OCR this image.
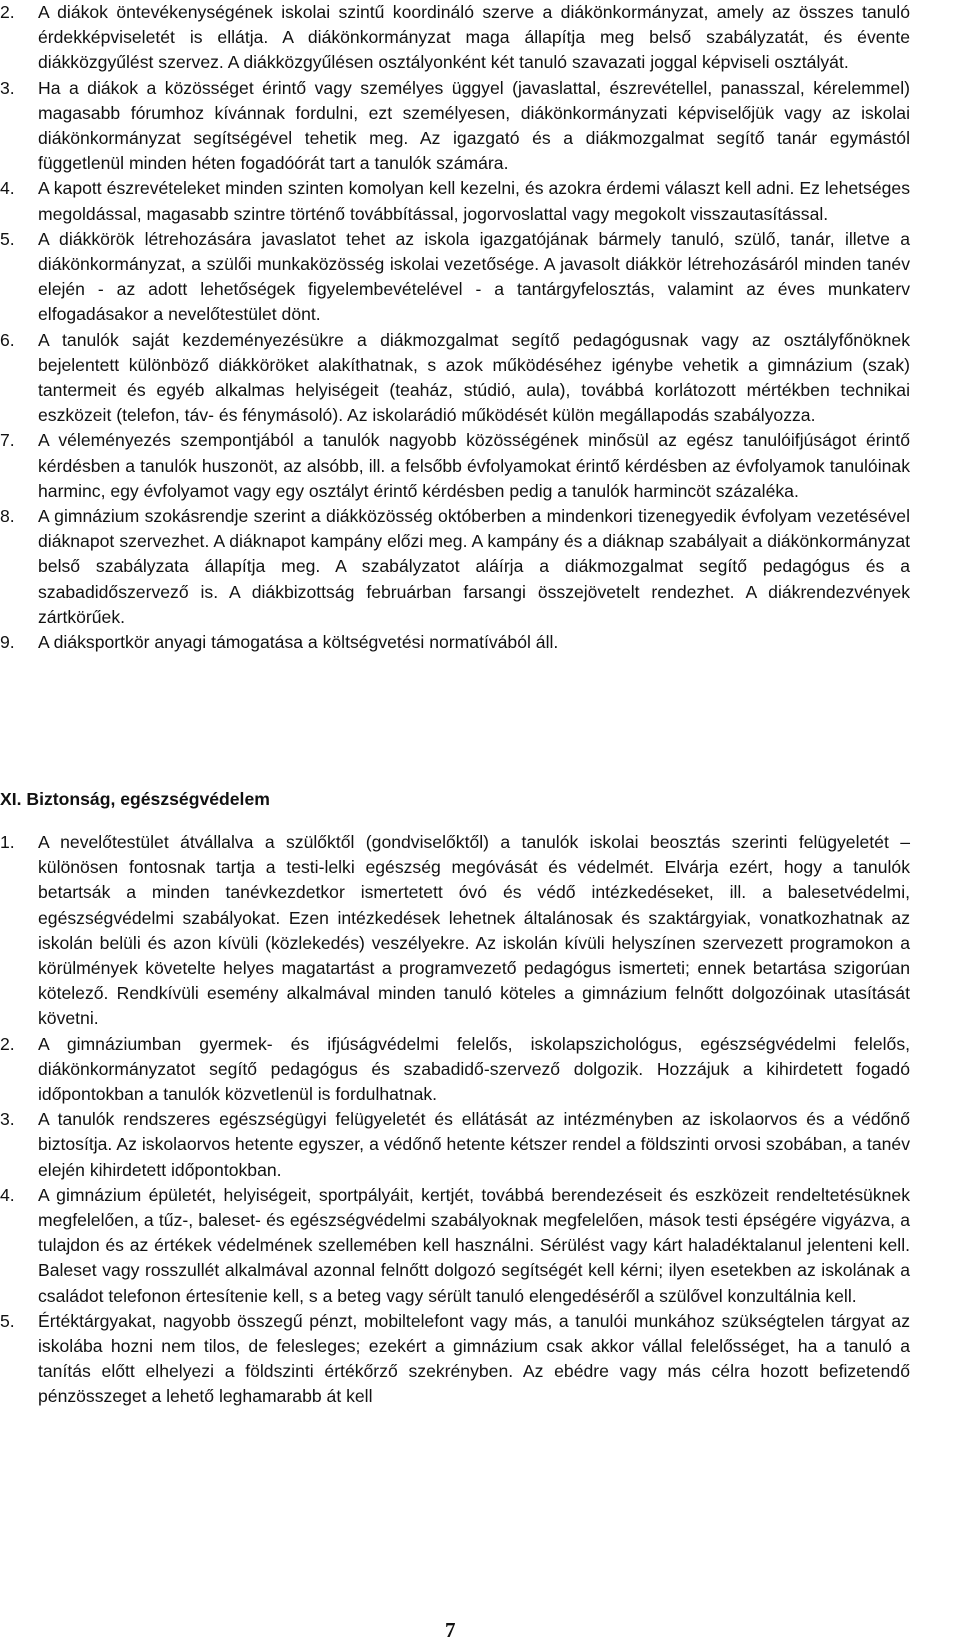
2.	A diákok öntevékenységének iskolai szintű koordináló szerve a diákönkormányzat, amely az összes tanuló érdekképviseletét is ellátja. A diákönkormányzat maga állapítja meg belső szabályzatát, és évente diákközgyűlést szervez. A diákközgyűlésen osztályonként két tanuló szavazati joggal képviseli osztályát.
3.	Ha a diákok a közösséget érintő vagy személyes üggyel (javaslattal, észrevétellel, panasszal, kérelemmel) magasabb fórumhoz kívánnak fordulni, ezt személyesen, diákönkormányzati képviselőjük vagy az iskolai diákönkormányzat segítségével tehetik meg. Az igazgató és a diákmozgalmat segítő tanár egymástól függetlenül minden héten fogadóórát tart a tanulók számára.
4.	A kapott észrevételeket minden szinten komolyan kell kezelni, és azokra érdemi választ kell adni. Ez lehetséges megoldással, magasabb szintre történő továbbítással, jogorvoslattal vagy megokolt visszautasítással.
5.	A diákkörök létrehozására javaslatot tehet az iskola igazgatójának bármely tanuló, szülő, tanár, illetve a diákönkormányzat, a szülői munkaközösség iskolai vezetősége. A javasolt diákkör létrehozásáról minden tanév elején - az adott lehetőségek figyelembevételével - a tantárgyfelosztás, valamint az éves munkaterv elfogadásakor a nevelőtestület dönt.
6.	A tanulók saját kezdeményezésükre a diákmozgalmat segítő pedagógusnak vagy az osztályfőnöknek bejelentett különböző diákköröket alakíthatnak, s azok működéséhez igénybe vehetik a gimnázium (szak) tantermeit és egyéb alkalmas helyiségeit (teaház, stúdió, aula), továbbá korlátozott mértékben technikai eszközeit (telefon, táv- és fénymásoló). Az iskolarádió működését külön megállapodás szabályozza.
7.	A véleményezés szempontjából a tanulók nagyobb közösségének minősül az egész tanulóifjúságot érintő kérdésben a tanulók huszonöt, az alsóbb, ill. a felsőbb évfolyamokat érintő kérdésben az évfolyamok tanulóinak harminc, egy évfolyamot vagy egy osztályt érintő kérdésben pedig a tanulók harmincöt százaléka.
8.	A gimnázium szokásrendje szerint a diákközösség októberben a mindenkori tizenegyedik évfolyam vezetésével diáknapot szervezhet. A diáknapot kampány előzi meg. A kampány és a diáknap szabályait a diákönkormányzat belső szabályzata állapítja meg. A szabályzatot aláírja a diákmozgalmat segítő pedagógus és a szabadidőszervező is. A diákbizottság februárban farsangi összejövetelt rendezhet. A diákrendezvények zártkörűek.
9.	A diáksportkör anyagi támogatása a költségvetési normatívából áll.
XI. Biztonság, egészségvédelem
1.	A nevelőtestület átvállalva a szülőktől (gondviselőktől) a tanulók iskolai beosztás szerinti felügyeletét – különösen fontosnak tartja a testi-lelki egészség megóvását és védelmét. Elvárja ezért, hogy a tanulók betartsák a minden tanévkezdetkor ismertetett óvó és védő intézkedéseket, ill. a balesetvédelmi, egészségvédelmi szabályokat. Ezen intézkedések lehetnek általánosak és szaktárgyiak, vonatkozhatnak az iskolán belüli és azon kívüli (közlekedés) veszélyekre. Az iskolán kívüli helyszínen szervezett programokon a körülmények követelte helyes magatartást a programvezető pedagógus ismerteti; ennek betartása szigorúan kötelező. Rendkívüli esemény alkalmával minden tanuló köteles a gimnázium felnőtt dolgozóinak utasítását követni.
2.	A gimnáziumban gyermek- és ifjúságvédelmi felelős, iskolapszichológus, egészségvédelmi felelős, diákönkormányzatot segítő pedagógus és szabadidő-szervező dolgozik. Hozzájuk a kihirdetett fogadó időpontokban a tanulók közvetlenül is fordulhatnak.
3.	A tanulók rendszeres egészségügyi felügyeletét és ellátását az intézményben az iskolaorvos és a védőnő biztosítja. Az iskolaorvos hetente egyszer, a védőnő hetente kétszer rendel a földszinti orvosi szobában, a tanév elején kihirdetett időpontokban.
4.	A gimnázium épületét, helyiségeit, sportpályáit, kertjét, továbbá berendezéseit és eszközeit rendeltetésüknek megfelelően, a tűz-, baleset- és egészségvédelmi szabályoknak megfelelően, mások testi épségére vigyázva, a tulajdon és az értékek védelmének szellemében kell használni. Sérülést vagy kárt haladéktalanul jelenteni kell. Baleset vagy rosszullét alkalmával azonnal felnőtt dolgozó segítségét kell kérni; ilyen esetekben az iskolának a családot telefonon értesítenie kell, s a beteg vagy sérült tanuló elengedéséről a szülővel konzultálnia kell.
5.	Értéktárgyakat, nagyobb összegű pénzt, mobiltelefont vagy más, a tanulói munkához szükségtelen tárgyat az iskolába hozni nem tilos, de felesleges; ezekért a gimnázium csak akkor vállal felelősséget, ha a tanuló a tanítás előtt elhelyezi a földszinti értékőrző szekrényben. Az ebédre vagy más célra hozott befizetendő pénzösszeget a lehető leghamarabb át kell
7
